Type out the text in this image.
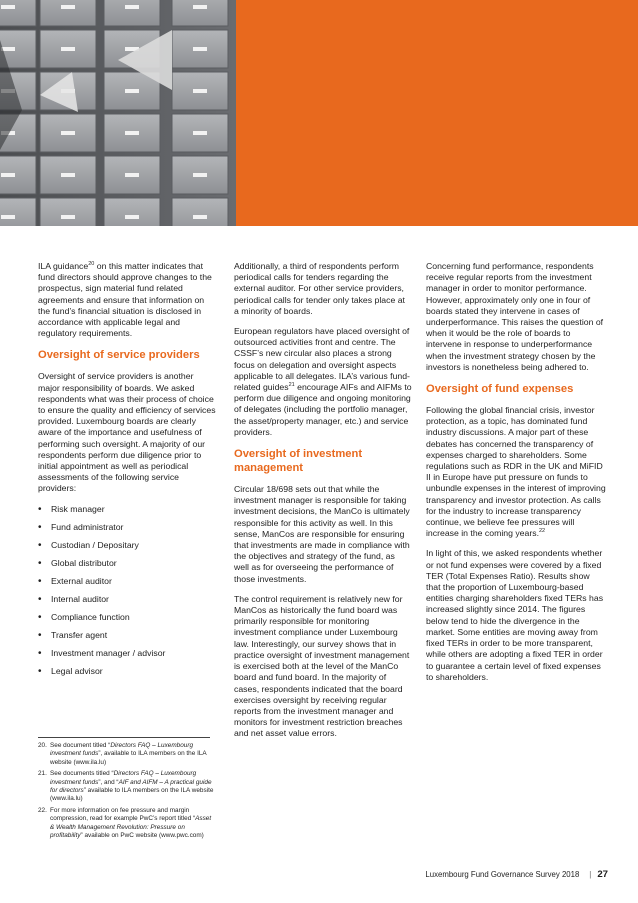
ILA guidance$^{20}$ on this matter indicates that fund directors should approve changes to the prospectus, sign material fund related agreements and ensure that information on the fund’s financial situation is disclosed in accordance with applicable legal and regulatory requirements.

Oversight of service providers

Oversight of service providers is another major responsibility of boards. We asked respondents what was their process of choice to ensure the quality and efficiency of services provided. Luxembourg boards are clearly aware of the importance and usefulness of performing such oversight. A majority of our respondents perform due diligence prior to initial appointment as well as periodical assessments of the following service providers:

• Risk manager
• Fund administrator
• Custodian / Depositary
• Global distributor
• External auditor
• Internal auditor
• Compliance function
• Transfer agent
• Investment manager / advisor
• Legal advisor
20. See document titled “Directors FAQ – Luxembourg investment funds”, available to ILA members on the ILA website (www.ila.lu)
21. See documents titled “Directors FAQ – Luxembourg investment funds”, and “AIF and AIFM – A practical guide for directors” available to ILA members on the ILA website (www.ila.lu)
22. For more information on fee pressure and margin compression, read for example PwC’s report titled “Asset & Wealth Management Revolution: Pressure on profitability” available on PwC website (www.pwc.com)

Additionally, a third of respondents perform periodical calls for tenders regarding the external auditor. For other service providers, periodical calls for tender only takes place at a minority of boards.

European regulators have placed oversight of outsourced activities front and centre. The CSSF’s new circular also places a strong focus on delegation and oversight aspects applicable to all delegates. ILA’s various fund-related guides$^{21}$ encourage AIFs and AIFMs to perform due diligence and ongoing monitoring of delegates (including the portfolio manager, the asset/property manager, etc.) and service providers.

Oversight of investment management

Circular 18/698 sets out that while the investment manager is responsible for taking investment decisions, the ManCo is ultimately responsible for this activity as well. In this sense, ManCos are responsible for ensuring that investments are made in compliance with the objectives and strategy of the fund, as well as for overseeing the performance of those investments.

The control requirement is relatively new for ManCos as historically the fund board was primarily responsible for monitoring investment compliance under Luxembourg law. Interestingly, our survey shows that in practice oversight of investment management is exercised both at the level of the ManCo board and fund board. In the majority of cases, respondents indicated that the board exercises oversight by receiving regular reports from the investment manager and monitors for investment restriction breaches and net asset value errors.

Concerning fund performance, respondents receive regular reports from the investment manager in order to monitor performance. However, approximately only one in four of boards stated they intervene in cases of underperformance. This raises the question of when it would be the role of boards to intervene in response to underperformance when the investment strategy chosen by the investors is nonetheless being adhered to.

Oversight of fund expenses

Following the global financial crisis, investor protection, as a topic, has dominated fund industry discussions. A major part of these debates has concerned the transparency of expenses charged to shareholders. Some regulations such as RDR in the UK and MiFID II in Europe have put pressure on funds to unbundle expenses in the interest of improving transparency and investor protection. As calls for the industry to increase transparency continue, we believe fee pressures will increase in the coming years.$^{22}$

In light of this, we asked respondents whether or not fund expenses were covered by a fixed TER (Total Expenses Ratio). Results show that the proportion of Luxembourg-based entities charging shareholders fixed TERs has increased slightly since 2014. The figures below tend to hide the divergence in the market. Some entities are moving away from fixed TERs in order to be more transparent, while others are adopting a fixed TER in order to guarantee a certain level of fixed expenses to shareholders.

Luxembourg Fund Governance Survey 2018 | 27
